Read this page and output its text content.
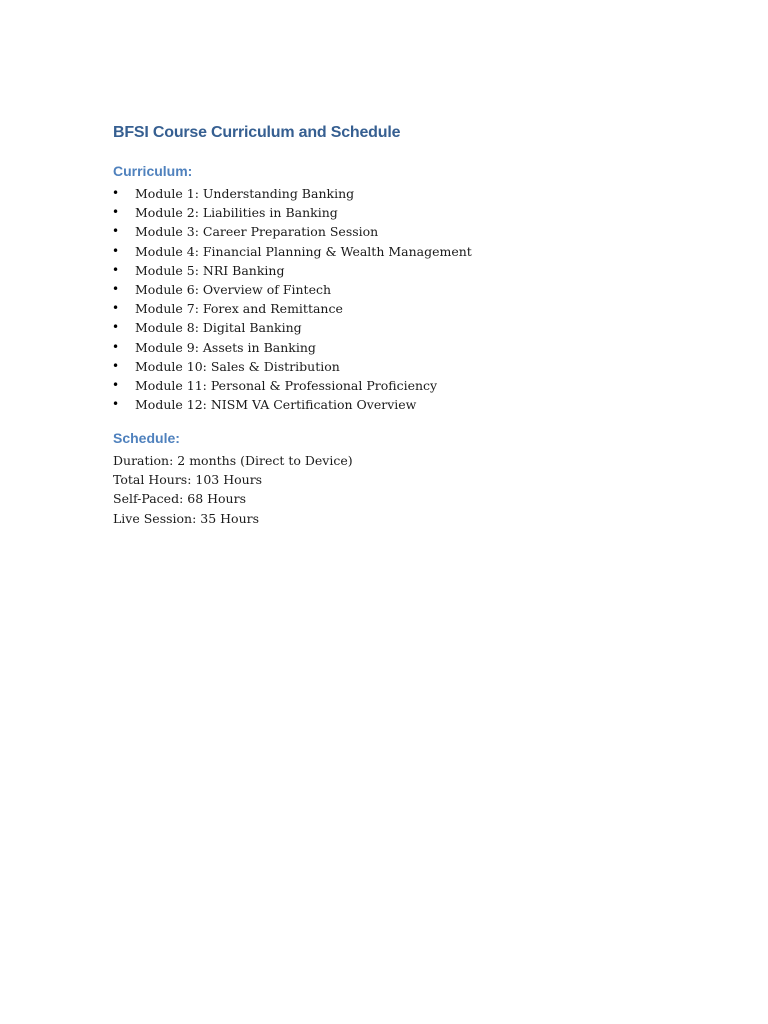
BFSI Course Curriculum and Schedule
Curriculum:
•	Module 1: Understanding Banking
•	Module 2: Liabilities in Banking
•	Module 3: Career Preparation Session
•	Module 4: Financial Planning & Wealth Management
•	Module 5: NRI Banking
•	Module 6: Overview of Fintech
•	Module 7: Forex and Remittance
•	Module 8: Digital Banking
•	Module 9: Assets in Banking
•	Module 10: Sales & Distribution
•	Module 11: Personal & Professional Proficiency
•	Module 12: NISM VA Certification Overview
Schedule:
Duration: 2 months (Direct to Device)
Total Hours: 103 Hours
Self-Paced: 68 Hours
Live Session: 35 Hours
